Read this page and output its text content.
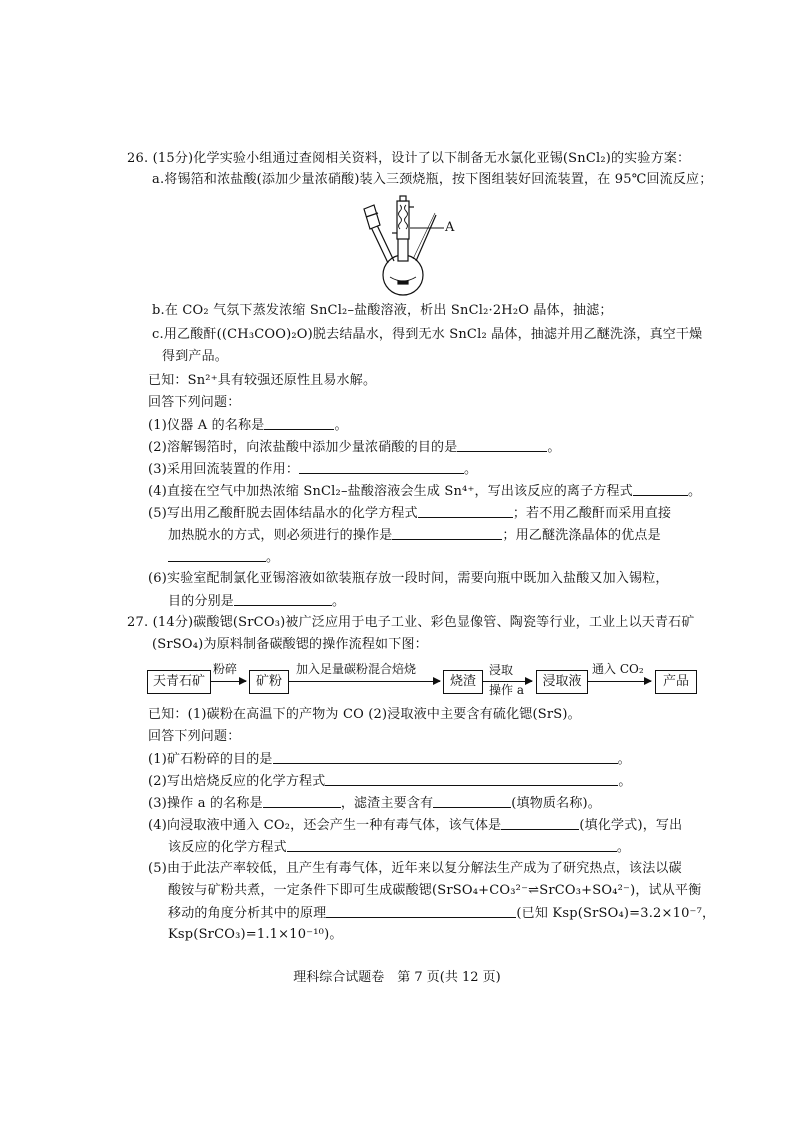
26. (15分)化学实验小组通过查阅相关资料，设计了以下制备无水氯化亚锡(SnCl₂)的实验方案：
a.将锡箔和浓盐酸(添加少量浓硝酸)装入三颈烧瓶，按下图组装好回流装置，在 95℃回流反应；
A
b.在 CO₂ 气氛下蒸发浓缩 SnCl₂–盐酸溶液，析出 SnCl₂·2H₂O 晶体，抽滤；
c.用乙酸酐((CH₃COO)₂O)脱去结晶水，得到无水 SnCl₂ 晶体，抽滤并用乙醚洗涤，真空干燥
得到产品。
已知：Sn²⁺具有较强还原性且易水解。
回答下列问题：
(1)仪器 A 的名称是	。
(2)溶解锡箔时，向浓盐酸中添加少量浓硝酸的目的是	。
(3)采用回流装置的作用：	。
(4)直接在空气中加热浓缩 SnCl₂–盐酸溶液会生成 Sn⁴⁺，写出该反应的离子方程式	。
(5)写出用乙酸酐脱去固体结晶水的化学方程式	；若不用乙酸酐而采用直接
加热脱水的方式，则必须进行的操作是	；用乙醚洗涤晶体的优点是
。
(6)实验室配制氯化亚锡溶液如欲装瓶存放一段时间，需要向瓶中既加入盐酸又加入锡粒，
目的分别是	。
27. (14分)碳酸锶(SrCO₃)被广泛应用于电子工业、彩色显像管、陶瓷等行业，工业上以天青石矿
(SrSO₄)为原料制备碳酸锶的操作流程如下图：
天青石矿
粉碎
矿粉
加入足量碳粉混合焙烧
烧渣
浸取
操作 a
浸取液
通入 CO₂
产品
已知：(1)碳粉在高温下的产物为 CO (2)浸取液中主要含有硫化锶(SrS)。
回答下列问题：
(1)矿石粉碎的目的是	。
(2)写出焙烧反应的化学方程式	。
(3)操作 a 的名称是	，滤渣主要含有	(填物质名称)。
(4)向浸取液中通入 CO₂，还会产生一种有毒气体，该气体是	(填化学式)，写出
该反应的化学方程式	。
(5)由于此法产率较低，且产生有毒气体，近年来以复分解法生产成为了研究热点，该法以碳
酸铵与矿粉共煮，一定条件下即可生成碳酸锶(SrSO₄+CO₃²⁻⇌SrCO₃+SO₄²⁻)，试从平衡
移动的角度分析其中的原理	(已知 Ksp(SrSO₄)=3.2×10⁻⁷，
Ksp(SrCO₃)=1.1×10⁻¹⁰)。
理科综合试题卷　第 7 页(共 12 页)
